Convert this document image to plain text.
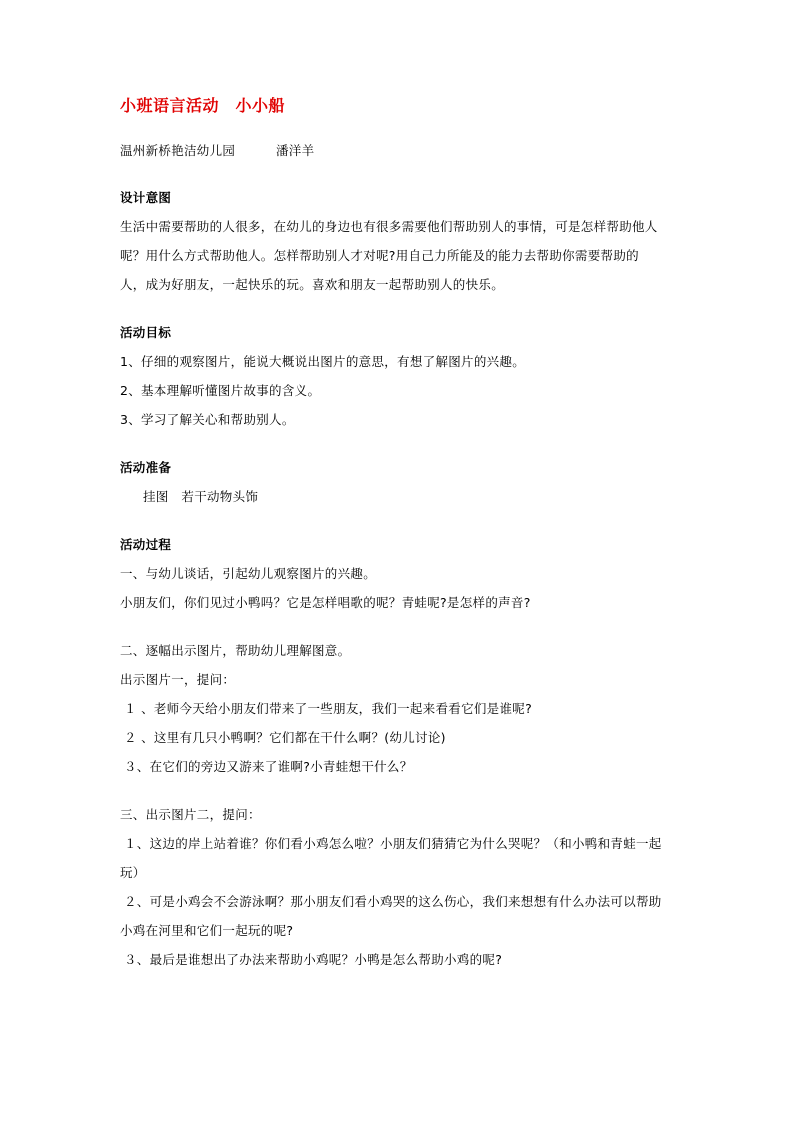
小班语言活动　小小船
温州新桥艳洁幼儿园	潘洋羊
设计意图
生活中需要帮助的人很多，在幼儿的身边也有很多需要他们帮助别人的事情，可是怎样帮助他人
呢？用什么方式帮助他人。怎样帮助别人才对呢?用自己力所能及的能力去帮助你需要帮助的
人，成为好朋友，一起快乐的玩。喜欢和朋友一起帮助别人的快乐。
活动目标
1、仔细的观察图片，能说大概说出图片的意思，有想了解图片的兴趣。
2、基本理解听懂图片故事的含义。
3、学习了解关心和帮助别人。
活动准备
挂图　若干动物头饰
活动过程
一、与幼儿谈话，引起幼儿观察图片的兴趣。
小朋友们，你们见过小鸭吗？它是怎样唱歌的呢？青蛙呢?是怎样的声音?
二、逐幅出示图片，帮助幼儿理解图意。
出示图片一，提问：
１ 、老师今天给小朋友们带来了一些朋友，我们一起来看看它们是谁呢?
２ 、这里有几只小鸭啊？它们都在干什么啊？(幼儿讨论)
３、在它们的旁边又游来了谁啊?小青蛙想干什么？
三、出示图片二，提问：
１、这边的岸上站着谁？你们看小鸡怎么啦？小朋友们猜猜它为什么哭呢？（和小鸭和青蛙一起
玩）
２、可是小鸡会不会游泳啊？那小朋友们看小鸡哭的这么伤心，我们来想想有什么办法可以帮助
小鸡在河里和它们一起玩的呢?
３、最后是谁想出了办法来帮助小鸡呢？小鸭是怎么帮助小鸡的呢?
